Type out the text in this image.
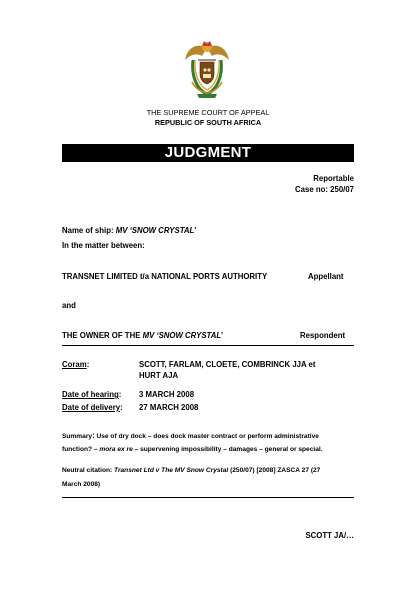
THE SUPREME COURT OF APPEAL
REPUBLIC OF SOUTH AFRICA
JUDGMENT
Reportable
Case no: 250/07
Name of ship: MV ‘SNOW CRYSTAL’
In the matter between:
TRANSNET LIMITED t/a NATIONAL PORTS AUTHORITY	Appellant
and
THE OWNER OF THE MV ‘SNOW CRYSTAL’	Respondent
Coram:	SCOTT, FARLAM, CLOETE, COMBRINCK JJA et
HURT AJA
Date of hearing: 3 MARCH 2008
Date of delivery: 27 MARCH 2008
Summary: Use of dry dock – does dock master contract or perform administrative
function? – mora ex re – supervening impossibility – damages – general or special.
Neutral citation: Transnet Ltd v The MV Snow Crystal (250/07) [2008] ZASCA 27 (27
March 2008)
SCOTT JA/…
